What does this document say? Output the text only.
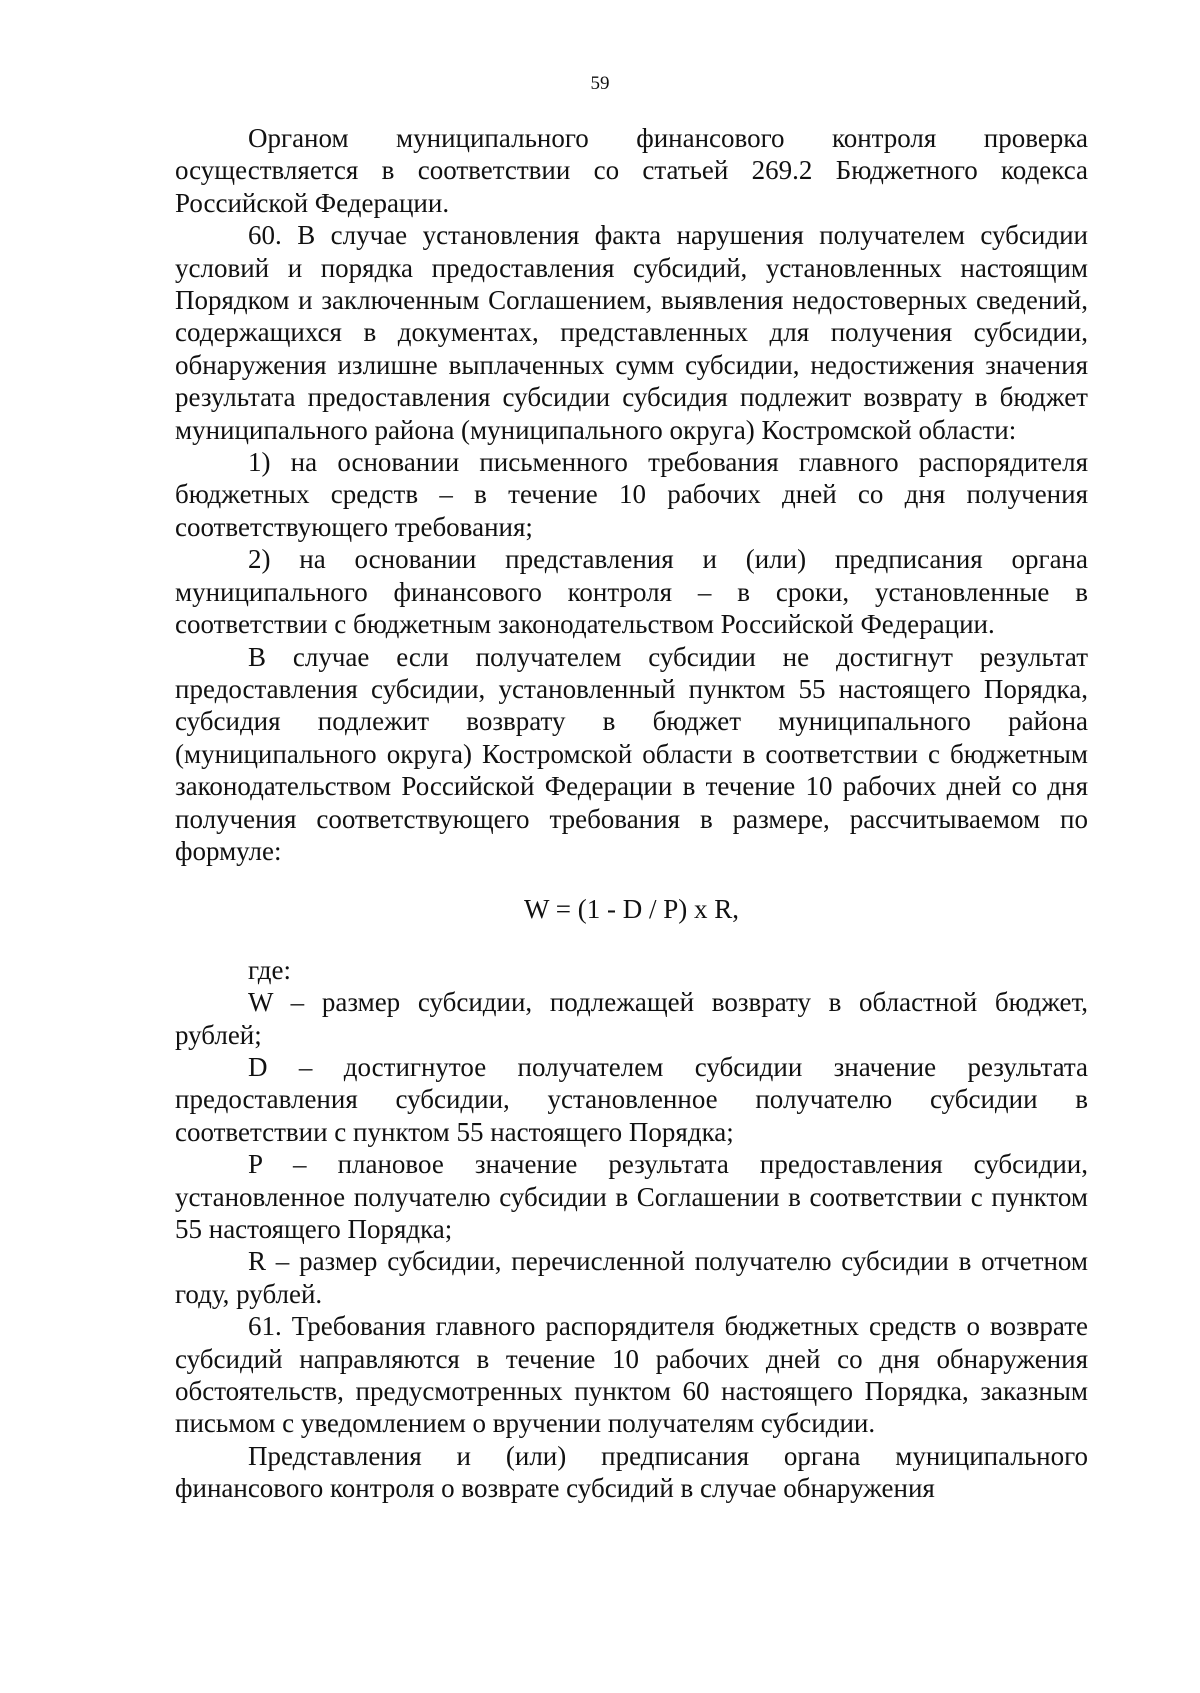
59

Органом муниципального финансового контроля проверка осуществляется в соответствии со статьей 269.2 Бюджетного кодекса Российской Федерации.

60. В случае установления факта нарушения получателем субсидии условий и порядка предоставления субсидий, установленных настоящим Порядком и заключенным Соглашением, выявления недостоверных сведений, содержащихся в документах, представленных для получения субсидии, обнаружения излишне выплаченных сумм субсидии, недостижения значения результата предоставления субсидии субсидия подлежит возврату в бюджет муниципального района (муниципального округа) Костромской области:

1) на основании письменного требования главного распорядителя бюджетных средств – в течение 10 рабочих дней со дня получения соответствующего требования;

2) на основании представления и (или) предписания органа муниципального финансового контроля – в сроки, установленные в соответствии с бюджетным законодательством Российской Федерации.

В случае если получателем субсидии не достигнут результат предоставления субсидии, установленный пунктом 55 настоящего Порядка, субсидия подлежит возврату в бюджет муниципального района (муниципального округа) Костромской области в соответствии с бюджетным законодательством Российской Федерации в течение 10 рабочих дней со дня получения соответствующего требования в размере, рассчитываемом по формуле:

W = (1 - D / P) x R,

где:

W – размер субсидии, подлежащей возврату в областной бюджет, рублей;

D – достигнутое получателем субсидии значение результата предоставления субсидии, установленное получателю субсидии в соответствии с пунктом 55 настоящего Порядка;

P – плановое значение результата предоставления субсидии, установленное получателю субсидии в Соглашении в соответствии с пунктом 55 настоящего Порядка;

R – размер субсидии, перечисленной получателю субсидии в отчетном году, рублей.

61. Требования главного распорядителя бюджетных средств о возврате субсидий направляются в течение 10 рабочих дней со дня обнаружения обстоятельств, предусмотренных пунктом 60 настоящего Порядка, заказным письмом с уведомлением о вручении получателям субсидии.

Представления и (или) предписания органа муниципального финансового контроля о возврате субсидий в случае обнаружения
